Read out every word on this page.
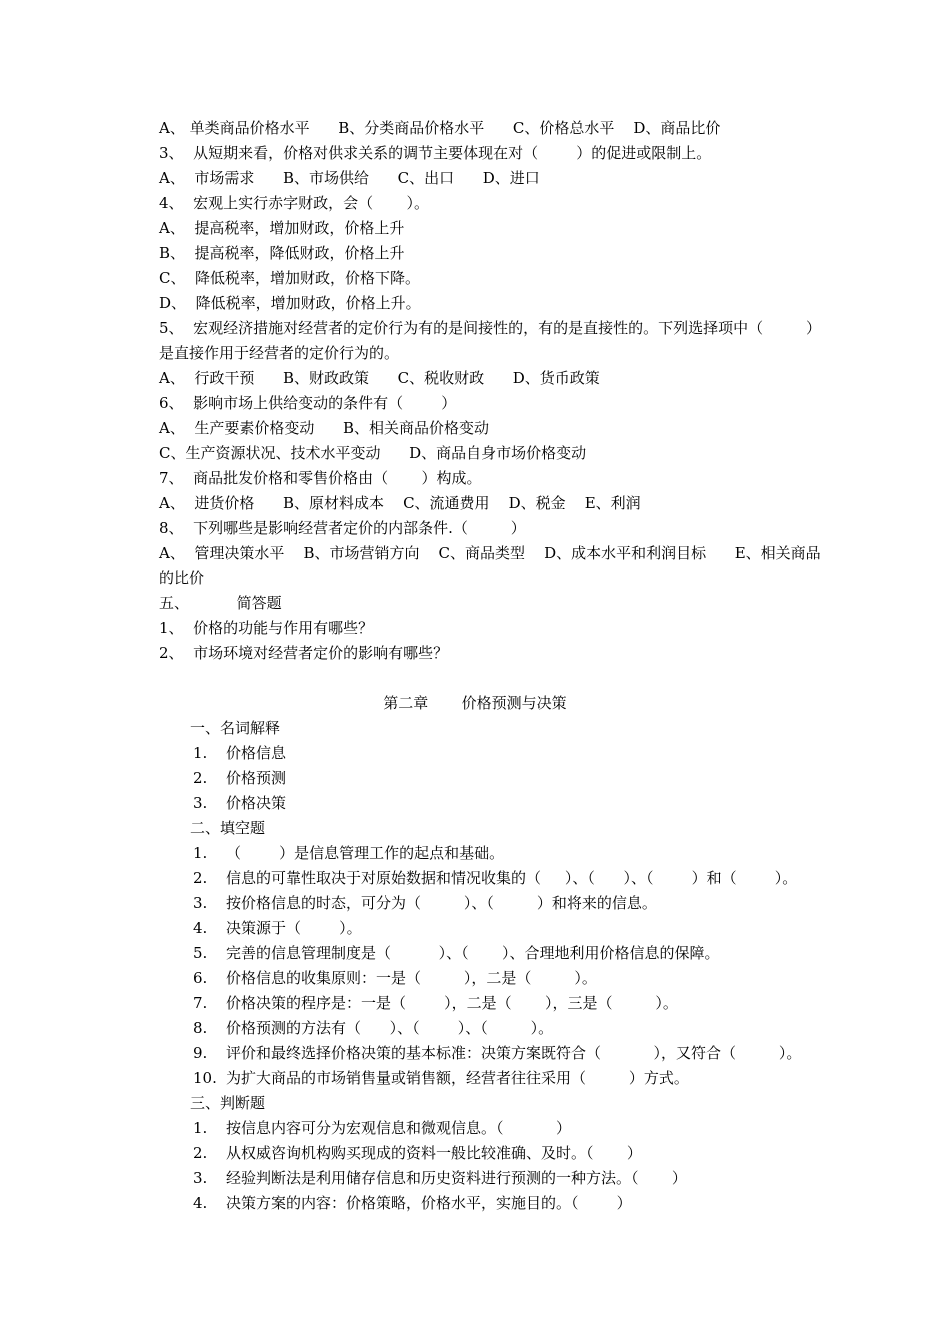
A、 单类商品价格水平      B、分类商品价格水平      C、价格总水平    D、商品比价
3、  从短期来看，价格对供求关系的调节主要体现在对（        ）的促进或限制上。
A、  市场需求      B、市场供给      C、出口      D、进口
4、  宏观上实行赤字财政，会（       ）。
A、  提高税率，增加财政，价格上升
B、  提高税率，降低财政，价格上升
C、  降低税率，增加财政，价格下降。
D、  降低税率，增加财政，价格上升。
5、  宏观经济措施对经营者的定价行为有的是间接性的，有的是直接性的。下列选择项中（         ）
是直接作用于经营者的定价行为的。
A、  行政干预      B、财政政策      C、税收财政      D、货币政策
6、  影响市场上供给变动的条件有（        ）
A、  生产要素价格变动      B、相关商品价格变动
C、生产资源状况、技术水平变动      D、商品自身市场价格变动
7、  商品批发价格和零售价格由（       ）构成。
A、  进货价格      B、原材料成本    C、流通费用    D、税金    E、利润
8、  下列哪些是影响经营者定价的内部条件.（         ）
A、  管理决策水平    B、市场营销方向    C、商品类型    D、成本水平和利润目标      E、相关商品
的比价
五、          简答题
1、  价格的功能与作用有哪些？
2、  市场环境对经营者定价的影响有哪些？
第二章       价格预测与决策
一、名词解释
1. 价格信息
2. 价格预测
3. 价格决策
二、填空题
1. （        ）是信息管理工作的起点和基础。
2. 信息的可靠性取决于对原始数据和情况收集的（     ）、（      ）、（        ）和（        ）。
3. 按价格信息的时态，可分为（         ）、（         ）和将来的信息。
4. 决策源于（        ）。
5. 完善的信息管理制度是（          ）、（       ）、合理地利用价格信息的保障。
6. 价格信息的收集原则：一是（         ），二是（         ）。
7. 价格决策的程序是：一是（        ），二是（       ），三是（         ）。
8. 价格预测的方法有（      ）、（        ）、（         ）。
9. 评价和最终选择价格决策的基本标准：决策方案既符合（           ），又符合（         ）。
10. 为扩大商品的市场销售量或销售额，经营者往往采用（         ）方式。
三、判断题
1. 按信息内容可分为宏观信息和微观信息。（           ）
2. 从权威咨询机构购买现成的资料一般比较准确、及时。（       ）
3. 经验判断法是利用储存信息和历史资料进行预测的一种方法。（       ）
4. 决策方案的内容：价格策略，价格水平，实施目的。（        ）
